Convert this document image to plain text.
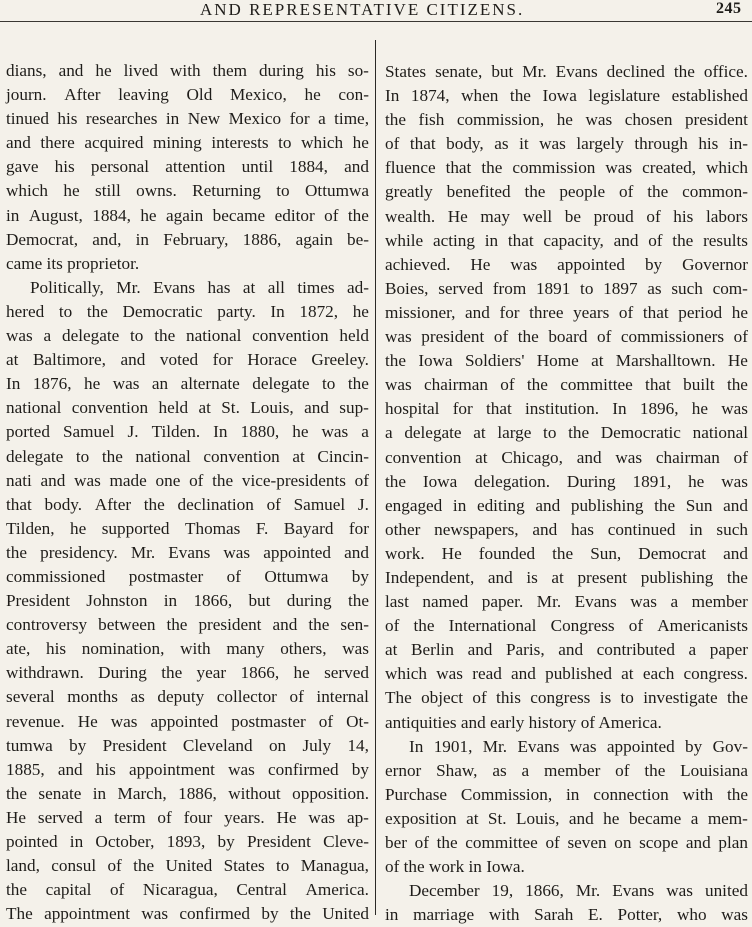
AND REPRESENTATIVE CITIZENS.	245
dians, and he lived with them during his so-
journ. After leaving Old Mexico, he con-
tinued his researches in New Mexico for a time,
and there acquired mining interests to which he
gave his personal attention until 1884, and
which he still owns. Returning to Ottumwa
in August, 1884, he again became editor of the
Democrat, and, in February, 1886, again be-
came its proprietor.
Politically, Mr. Evans has at all times ad-
hered to the Democratic party. In 1872, he
was a delegate to the national convention held
at Baltimore, and voted for Horace Greeley.
In 1876, he was an alternate delegate to the
national convention held at St. Louis, and sup-
ported Samuel J. Tilden. In 1880, he was a
delegate to the national convention at Cincin-
nati and was made one of the vice-presidents of
that body. After the declination of Samuel J.
Tilden, he supported Thomas F. Bayard for
the presidency. Mr. Evans was appointed and
commissioned postmaster of Ottumwa by
President Johnston in 1866, but during the
controversy between the president and the sen-
ate, his nomination, with many others, was
withdrawn. During the year 1866, he served
several months as deputy collector of internal
revenue. He was appointed postmaster of Ot-
tumwa by President Cleveland on July 14,
1885, and his appointment was confirmed by
the senate in March, 1886, without opposition.
He served a term of four years. He was ap-
pointed in October, 1893, by President Cleve-
land, consul of the United States to Managua,
the capital of Nicaragua, Central America.
The appointment was confirmed by the United
States senate, but Mr. Evans declined the office.
In 1874, when the Iowa legislature established
the fish commission, he was chosen president
of that body, as it was largely through his in-
fluence that the commission was created, which
greatly benefited the people of the common-
wealth. He may well be proud of his labors
while acting in that capacity, and of the results
achieved. He was appointed by Governor
Boies, served from 1891 to 1897 as such com-
missioner, and for three years of that period he
was president of the board of commissioners of
the Iowa Soldiers' Home at Marshalltown. He
was chairman of the committee that built the
hospital for that institution. In 1896, he was
a delegate at large to the Democratic national
convention at Chicago, and was chairman of
the Iowa delegation. During 1891, he was
engaged in editing and publishing the Sun and
other newspapers, and has continued in such
work. He founded the Sun, Democrat and
Independent, and is at present publishing the
last named paper. Mr. Evans was a member
of the International Congress of Americanists
at Berlin and Paris, and contributed a paper
which was read and published at each congress.
The object of this congress is to investigate the
antiquities and early history of America.
In 1901, Mr. Evans was appointed by Gov-
ernor Shaw, as a member of the Louisiana
Purchase Commission, in connection with the
exposition at St. Louis, and he became a mem-
ber of the committee of seven on scope and plan
of the work in Iowa.
December 19, 1866, Mr. Evans was united
in marriage with Sarah E. Potter, who was
